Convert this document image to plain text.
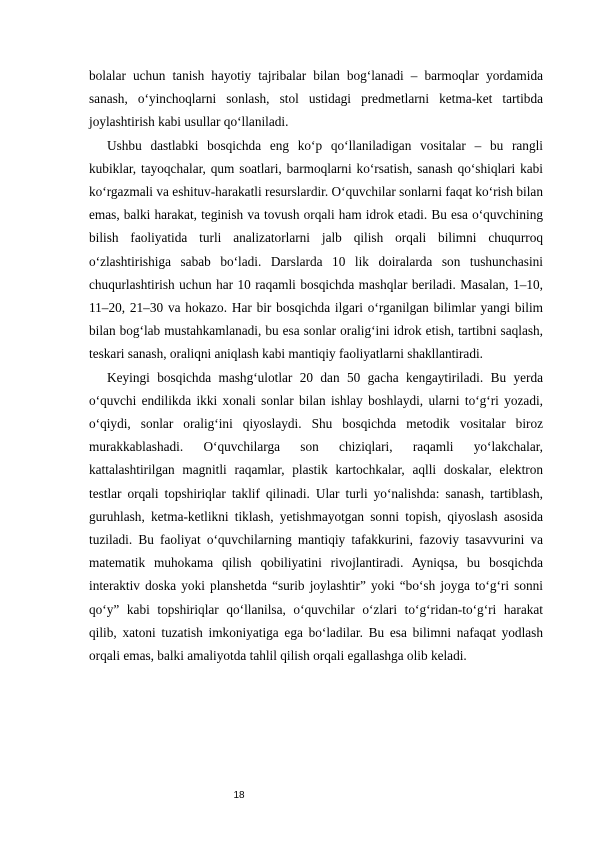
bolalar uchun tanish hayotiy tajribalar bilan bog‘lanadi – barmoqlar yordamida sanash, o‘yinchoqlarni sonlash, stol ustidagi predmetlarni ketma-ket tartibda joylashtirish kabi usullar qo‘llaniladi.

Ushbu dastlabki bosqichda eng ko‘p qo‘llaniladigan vositalar – bu rangli kubiklar, tayoqchalar, qum soatlari, barmoqlarni ko‘rsatish, sanash qo‘shiqlari kabi ko‘rgazmali va eshituv-harakatli resurslardir. O‘quvchilar sonlarni faqat ko‘rish bilan emas, balki harakat, teginish va tovush orqali ham idrok etadi. Bu esa o‘quvchining bilish faoliyatida turli analizatorlarni jalb qilish orqali bilimni chuqurroq o‘zlashtirishiga sabab bo‘ladi. Darslarda 10 lik doiralarda son tushunchasini chuqurlashtirish uchun har 10 raqamli bosqichda mashqlar beriladi. Masalan, 1–10, 11–20, 21–30 va hokazo. Har bir bosqichda ilgari o‘rganilgan bilimlar yangi bilim bilan bog‘lab mustahkamlanadi, bu esa sonlar oralig‘ini idrok etish, tartibni saqlash, teskari sanash, oraliqni aniqlash kabi mantiqiy faoliyatlarni shakllantiradi.

Keyingi bosqichda mashg‘ulotlar 20 dan 50 gacha kengaytiriladi. Bu yerda o‘quvchi endilikda ikki xonali sonlar bilan ishlay boshlaydi, ularni to‘g‘ri yozadi, o‘qiydi, sonlar oralig‘ini qiyoslaydi. Shu bosqichda metodik vositalar biroz murakkablashadi. O‘quvchilarga son chiziqlari, raqamli yo‘lakchalar, kattalashtirilgan magnitli raqamlar, plastik kartochkalar, aqlli doskalar, elektron testlar orqali topshiriqlar taklif qilinadi. Ular turli yo‘nalishda: sanash, tartiblash, guruhlash, ketma-ketlikni tiklash, yetishmayotgan sonni topish, qiyoslash asosida tuziladi. Bu faoliyat o‘quvchilarning mantiqiy tafakkurini, fazoviy tasavvurini va matematik muhokama qilish qobiliyatini rivojlantiradi. Ayniqsa, bu bosqichda interaktiv doska yoki planshetda “surib joylashtir” yoki “bo‘sh joyga to‘g‘ri sonni qo‘y” kabi topshiriqlar qo‘llanilsa, o‘quvchilar o‘zlari to‘g‘ridan-to‘g‘ri harakat qilib, xatoni tuzatish imkoniyatiga ega bo‘ladilar. Bu esa bilimni nafaqat yodlash orqali emas, balki amaliyotda tahlil qilish orqali egallashga olib keladi.

18
